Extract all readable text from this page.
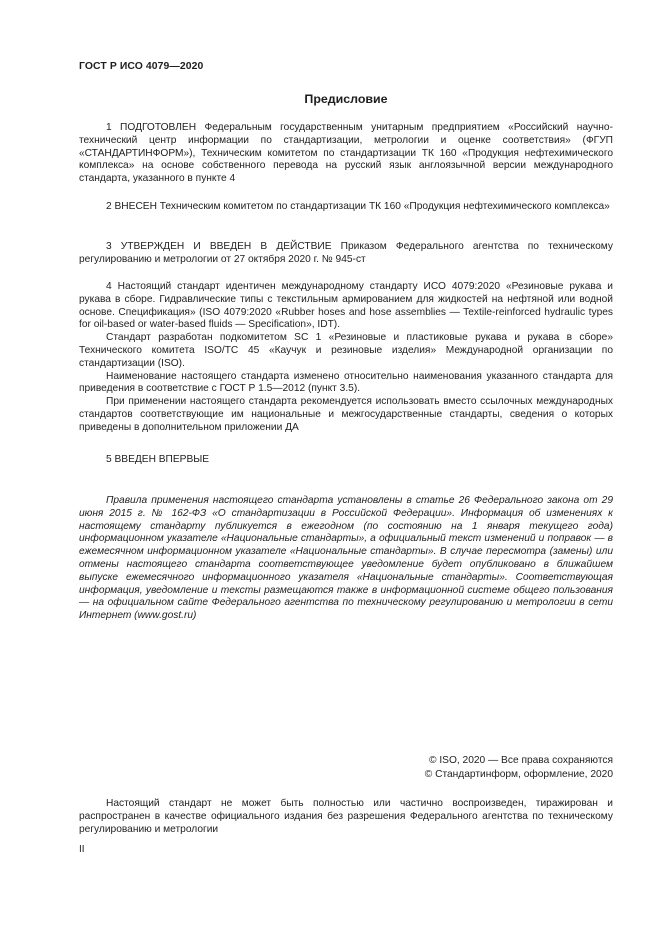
ГОСТ Р ИСО 4079—2020
Предисловие

1 ПОДГОТОВЛЕН Федеральным государственным унитарным предприятием «Российский научно-технический центр информации по стандартизации, метрологии и оценке соответствия» (ФГУП «СТАНДАРТИНФОРМ»), Техническим комитетом по стандартизации ТК 160 «Продукция нефтехимического комплекса» на основе собственного перевода на русский язык англоязычной версии международного стандарта, указанного в пункте 4

2 ВНЕСЕН Техническим комитетом по стандартизации ТК 160 «Продукция нефтехимического комплекса»

3 УТВЕРЖДЕН И ВВЕДЕН В ДЕЙСТВИЕ Приказом Федерального агентства по техническому регулированию и метрологии от 27 октября 2020 г. № 945-ст

4 Настоящий стандарт идентичен международному стандарту ИСО 4079:2020 «Резиновые рукава и рукава в сборе. Гидравлические типы с текстильным армированием для жидкостей на нефтяной или водной основе. Спецификация» (ISO 4079:2020 «Rubber hoses and hose assemblies — Textile-reinforced hydraulic types for oil-based or water-based fluids — Specification», IDT).

Стандарт разработан подкомитетом SC 1 «Резиновые и пластиковые рукава и рукава в сборе» Технического комитета ISO/TC 45 «Каучук и резиновые изделия» Международной организации по стандартизации (ISO).

Наименование настоящего стандарта изменено относительно наименования указанного стандарта для приведения в соответствие с ГОСТ Р 1.5—2012 (пункт 3.5).

При применении настоящего стандарта рекомендуется использовать вместо ссылочных международных стандартов соответствующие им национальные и межгосударственные стандарты, сведения о которых приведены в дополнительном приложении ДА

5 ВВЕДЕН ВПЕРВЫЕ

Правила применения настоящего стандарта установлены в статье 26 Федерального закона от 29 июня 2015 г. № 162-ФЗ «О стандартизации в Российской Федерации». Информация об изменениях к настоящему стандарту публикуется в ежегодном (по состоянию на 1 января текущего года) информационном указателе «Национальные стандарты», а официальный текст изменений и поправок — в ежемесячном информационном указателе «Национальные стандарты». В случае пересмотра (замены) или отмены настоящего стандарта соответствующее уведомление будет опубликовано в ближайшем выпуске ежемесячного информационного указателя «Национальные стандарты». Соответствующая информация, уведомление и тексты размещаются также в информационной системе общего пользования — на официальном сайте Федерального агентства по техническому регулированию и метрологии в сети Интернет (www.gost.ru)

© ISO, 2020 — Все права сохраняются
© Стандартинформ, оформление, 2020

Настоящий стандарт не может быть полностью или частично воспроизведен, тиражирован и распространен в качестве официального издания без разрешения Федерального агентства по техническому регулированию и метрологии

II
